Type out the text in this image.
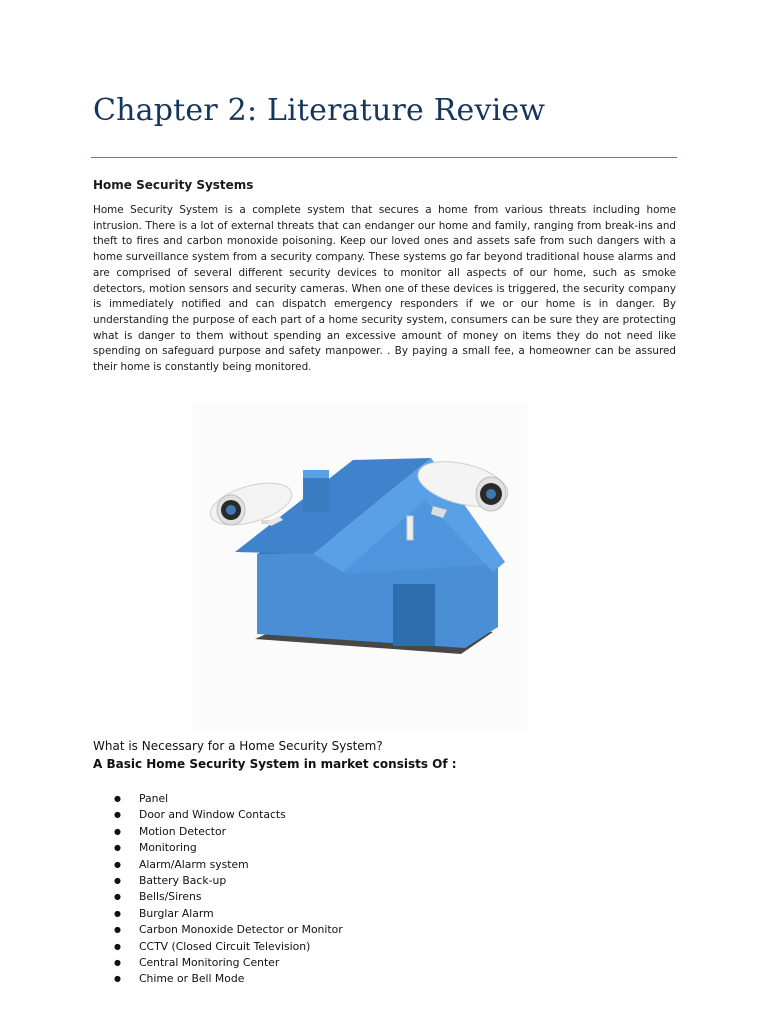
Chapter 2: Literature Review
Home Security Systems

Home Security System is a complete system that secures a home from various threats including home intrusion. There is a lot of external threats that can endanger our home and family, ranging from break-ins and theft to fires and carbon monoxide poisoning. Keep our loved ones and assets safe from such dangers with a home surveillance system from a security company. These systems go far beyond traditional house alarms and are comprised of several different security devices to monitor all aspects of our home, such as smoke detectors, motion sensors and security cameras. When one of these devices is triggered, the security company is immediately notified and can dispatch emergency responders if we or our home is in danger. By understanding the purpose of each part of a home security system, consumers can be sure they are protecting what is danger to them without spending an excessive amount of money on items they do not need like spending on safeguard purpose and safety manpower. . By paying a small fee, a homeowner can be assured their home is constantly being monitored.

What is Necessary for a Home Security System?
A Basic Home Security System in market consists Of :
● Panel
● Door and Window Contacts
● Motion Detector
● Monitoring
● Alarm/Alarm system
● Battery Back-up
● Bells/Sirens
● Burglar Alarm
● Carbon Monoxide Detector or Monitor
● CCTV (Closed Circuit Television)
● Central Monitoring Center
● Chime or Bell Mode
